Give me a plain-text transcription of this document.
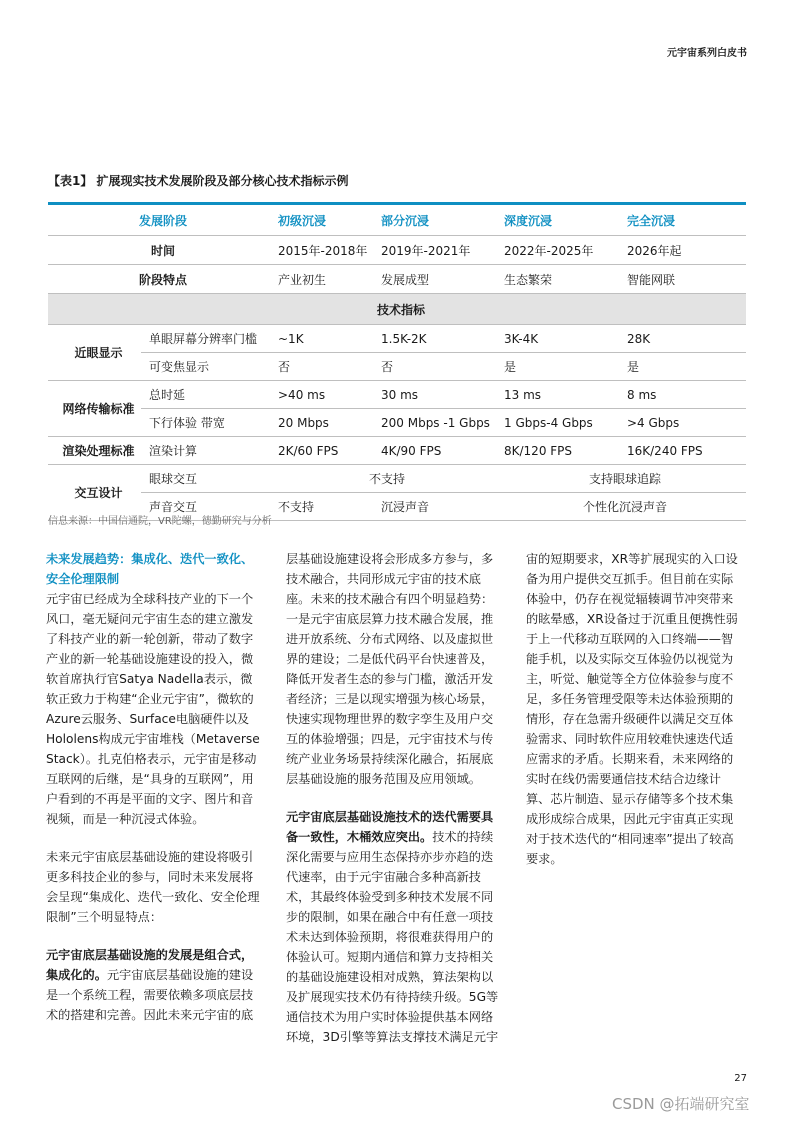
元宇宙系列白皮书
【表1】 扩展现实技术发展阶段及部分核心技术指标示例
发展阶段		初级沉浸	部分沉浸	深度沉浸	完全沉浸
时间		2015年-2018年	2019年-2021年	2022年-2025年	2026年起
阶段特点		产业初生	发展成型	生态繁荣	智能网联
技术指标					
近眼显示	单眼屏幕分辨率门槛	~1K	1.5K-2K	3K-4K	28K
	可变焦显示	否	否	是	是
网络传输标准	总时延	>40 ms	30 ms	13 ms	8 ms
	下行体验 带宽	20 Mbps	200 Mbps -1 Gbps	1 Gbps-4 Gbps	>4 Gbps
渲染处理标准	渲染计算	2K/60 FPS	4K/90 FPS	8K/120 FPS	16K/240 FPS
交互设计	眼球交互	不支持		支持眼球追踪	
	声音交互	不支持	沉浸声音	个性化沉浸声音	
信息来源：中国信通院，VR陀螺，德勤研究与分析

未来发展趋势：集成化、迭代一致化、安全伦理限制

元宇宙已经成为全球科技产业的下一个风口，毫无疑问元宇宙生态的建立激发了科技产业的新一轮创新，带动了数字产业的新一轮基础设施建设的投入，微软首席执行官Satya Nadella表示，微软正致力于构建“企业元宇宙”，微软的Azure云服务、Surface电脑硬件以及Hololens构成元宇宙堆栈（Metaverse Stack）。扎克伯格表示，元宇宙是移动互联网的后继，是“具身的互联网”，用户看到的不再是平面的文字、图片和音视频，而是一种沉浸式体验。

未来元宇宙底层基础设施的建设将吸引更多科技企业的参与，同时未来发展将会呈现“集成化、迭代一致化、安全伦理限制”三个明显特点：

元宇宙底层基础设施的发展是组合式，集成化的。元宇宙底层基础设施的建设是一个系统工程，需要依赖多项底层技术的搭建和完善。因此未来元宇宙的底

层基础设施建设将会形成多方参与，多技术融合，共同形成元宇宙的技术底座。未来的技术融合有四个明显趋势：一是元宇宙底层算力技术融合发展，推进开放系统、分布式网络、以及虚拟世界的建设；二是低代码平台快速普及，降低开发者生态的参与门槛，激活开发者经济；三是以现实增强为核心场景，快速实现物理世界的数字孪生及用户交互的体验增强；四是，元宇宙技术与传统产业业务场景持续深化融合，拓展底层基础设施的服务范围及应用领域。

元宇宙底层基础设施技术的迭代需要具备一致性，木桶效应突出。技术的持续深化需要与应用生态保持亦步亦趋的迭代速率，由于元宇宙融合多种高新技术，其最终体验受到多种技术发展不同步的限制，如果在融合中有任意一项技术未达到体验预期，将很难获得用户的体验认可。短期内通信和算力支持相关的基础设施建设相对成熟，算法架构以及扩展现实技术仍有待持续升级。5G等通信技术为用户实时体验提供基本网络环境，3D引擎等算法支撑技术满足元宇

宙的短期要求，XR等扩展现实的入口设备为用户提供交互抓手。但目前在实际体验中，仍存在视觉辐辏调节冲突带来的眩晕感，XR设备过于沉重且便携性弱于上一代移动互联网的入口终端——智能手机，以及实际交互体验仍以视觉为主，听觉、触觉等全方位体验参与度不足，多任务管理受限等未达体验预期的情形，存在急需升级硬件以满足交互体验需求、同时软件应用较难快速迭代适应需求的矛盾。长期来看，未来网络的实时在线仍需要通信技术结合边缘计算、芯片制造、显示存储等多个技术集成形成综合成果，因此元宇宙真正实现对于技术迭代的“相同速率”提出了较高要求。

27
CSDN @拓端研究室
